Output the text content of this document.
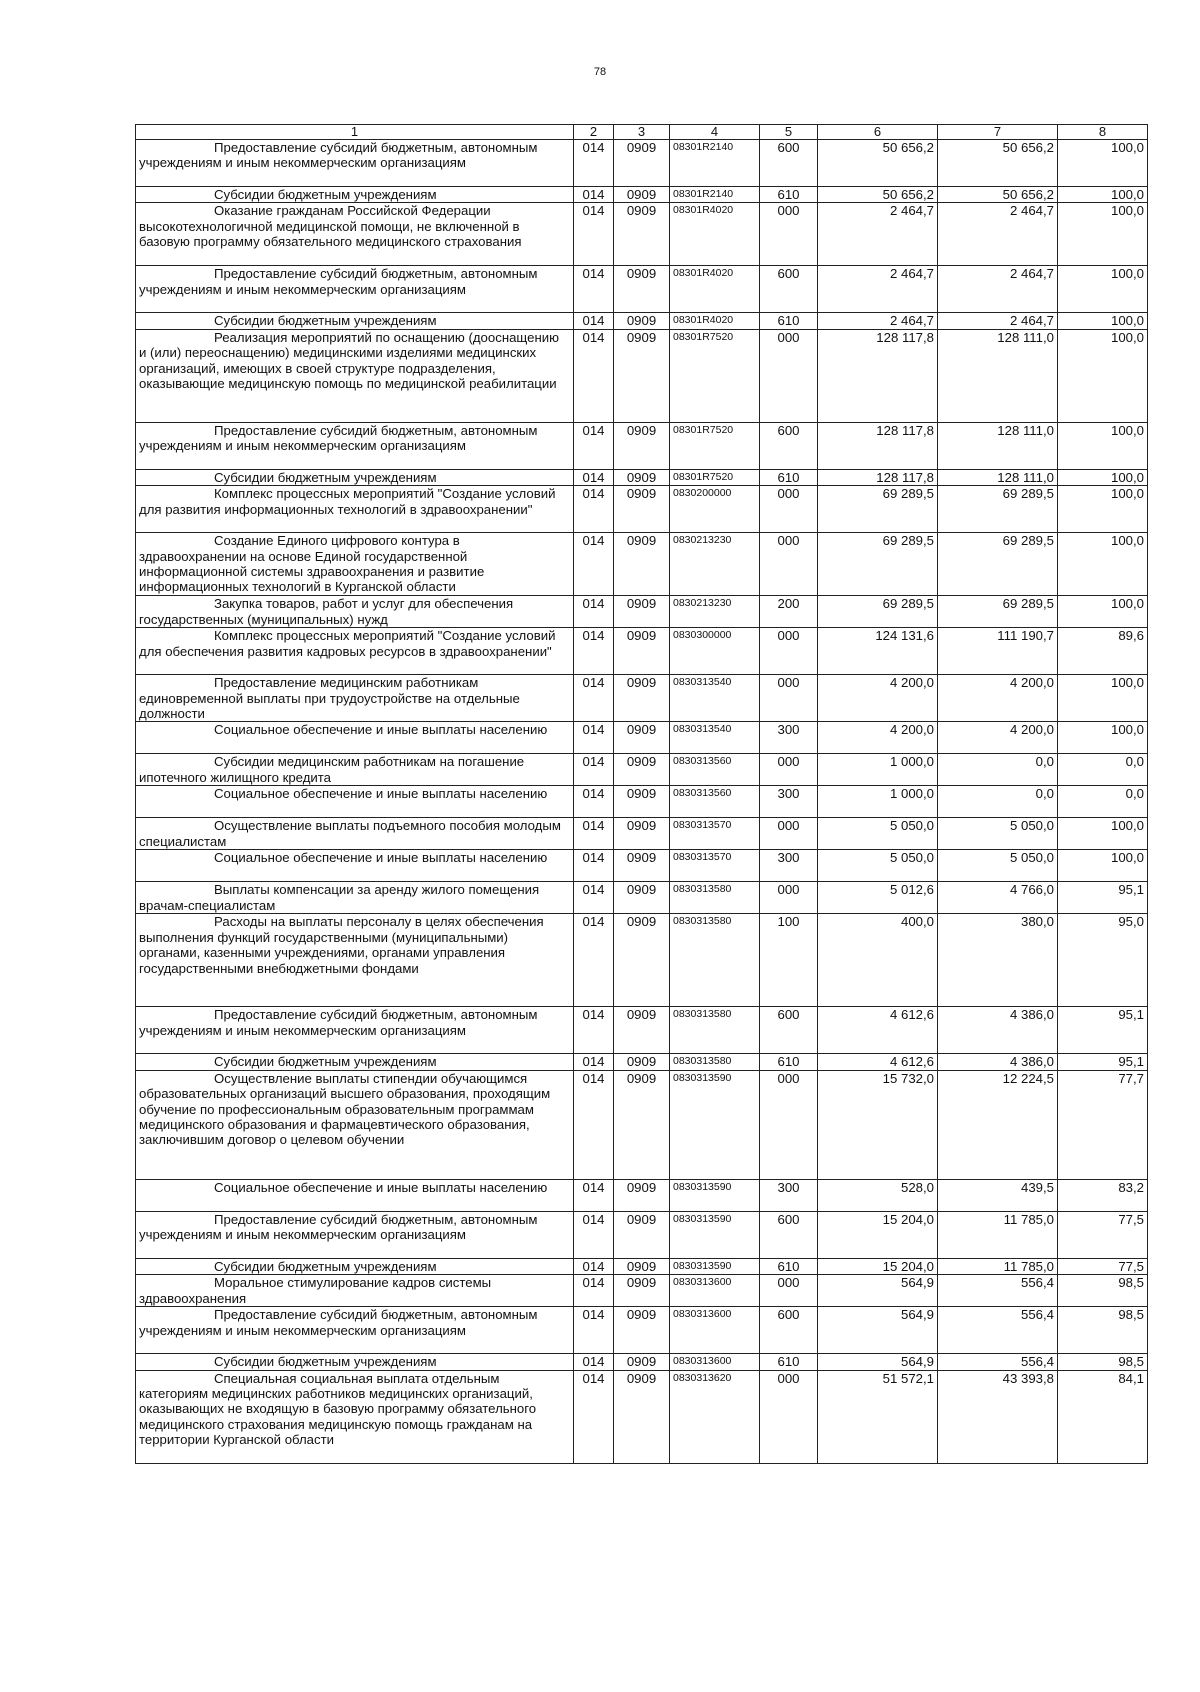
78
1	2	3	4	5	6	7	8

Предоставление субсидий бюджетным, автономным учреждениям и иным некоммерческим организациям	014	0909	08301R2140	600	50 656,2	50 656,2	100,0

Субсидии бюджетным учреждениям	014	0909	08301R2140	610	50 656,2	50 656,2	100,0

Оказание гражданам Российской Федерации высокотехнологичной медицинской помощи, не включенной в базовую программу обязательного медицинского страхования	014	0909	08301R4020	000	2 464,7	2 464,7	100,0

Предоставление субсидий бюджетным, автономным учреждениям и иным некоммерческим организациям	014	0909	08301R4020	600	2 464,7	2 464,7	100,0

Субсидии бюджетным учреждениям	014	0909	08301R4020	610	2 464,7	2 464,7	100,0

Реализация мероприятий по оснащению (дооснащению и (или) переоснащению) медицинскими изделиями медицинских организаций, имеющих в своей структуре подразделения, оказывающие медицинскую помощь по медицинской реабилитации	014	0909	08301R7520	000	128 117,8	128 111,0	100,0

Предоставление субсидий бюджетным, автономным учреждениям и иным некоммерческим организациям	014	0909	08301R7520	600	128 117,8	128 111,0	100,0

Субсидии бюджетным учреждениям	014	0909	08301R7520	610	128 117,8	128 111,0	100,0

Комплекс процессных мероприятий "Создание условий для развития информационных технологий в здравоохранении"	014	0909	0830200000	000	69 289,5	69 289,5	100,0

Создание Единого цифрового контура в здравоохранении на основе Единой государственной информационной системы здравоохранения и развитие информационных технологий в Курганской области	014	0909	0830213230	000	69 289,5	69 289,5	100,0

Закупка товаров, работ и услуг для обеспечения государственных (муниципальных) нужд	014	0909	0830213230	200	69 289,5	69 289,5	100,0

Комплекс процессных мероприятий "Создание условий для обеспечения развития кадровых ресурсов в здравоохранении"	014	0909	0830300000	000	124 131,6	111 190,7	89,6

Предоставление медицинским работникам единовременной выплаты при трудоустройстве на отдельные должности	014	0909	0830313540	000	4 200,0	4 200,0	100,0

Социальное обеспечение и иные выплаты населению	014	0909	0830313540	300	4 200,0	4 200,0	100,0

Субсидии медицинским работникам на погашение ипотечного жилищного кредита	014	0909	0830313560	000	1 000,0	0,0	0,0

Социальное обеспечение и иные выплаты населению	014	0909	0830313560	300	1 000,0	0,0	0,0

Осуществление выплаты подъемного пособия молодым специалистам	014	0909	0830313570	000	5 050,0	5 050,0	100,0

Социальное обеспечение и иные выплаты населению	014	0909	0830313570	300	5 050,0	5 050,0	100,0

Выплаты компенсации за аренду жилого помещения врачам-специалистам	014	0909	0830313580	000	5 012,6	4 766,0	95,1

Расходы на выплаты персоналу в целях обеспечения выполнения функций государственными (муниципальными) органами, казенными учреждениями, органами управления государственными внебюджетными фондами	014	0909	0830313580	100	400,0	380,0	95,0

Предоставление субсидий бюджетным, автономным учреждениям и иным некоммерческим организациям	014	0909	0830313580	600	4 612,6	4 386,0	95,1

Субсидии бюджетным учреждениям	014	0909	0830313580	610	4 612,6	4 386,0	95,1

Осуществление выплаты стипендии обучающимся образовательных организаций высшего образования, проходящим обучение по профессиональным образовательным программам медицинского образования и фармацевтического образования, заключившим договор о целевом обучении	014	0909	0830313590	000	15 732,0	12 224,5	77,7

Социальное обеспечение и иные выплаты населению	014	0909	0830313590	300	528,0	439,5	83,2

Предоставление субсидий бюджетным, автономным учреждениям и иным некоммерческим организациям	014	0909	0830313590	600	15 204,0	11 785,0	77,5

Субсидии бюджетным учреждениям	014	0909	0830313590	610	15 204,0	11 785,0	77,5

Моральное стимулирование кадров системы здравоохранения	014	0909	0830313600	000	564,9	556,4	98,5

Предоставление субсидий бюджетным, автономным учреждениям и иным некоммерческим организациям	014	0909	0830313600	600	564,9	556,4	98,5

Субсидии бюджетным учреждениям	014	0909	0830313600	610	564,9	556,4	98,5

Специальная социальная выплата отдельным категориям медицинских работников медицинских организаций, оказывающих не входящую в базовую программу обязательного медицинского страхования медицинскую помощь гражданам на территории Курганской области	014	0909	0830313620	000	51 572,1	43 393,8	84,1
